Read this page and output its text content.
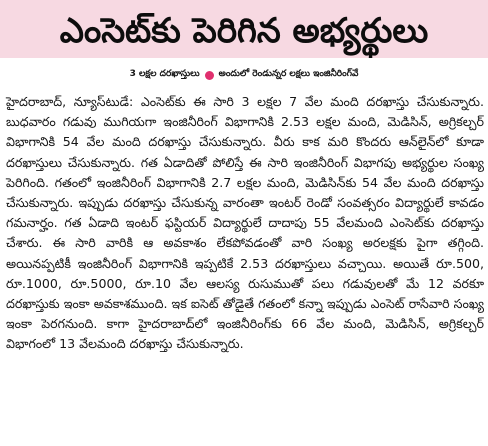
ఎంసెట్‌కు పెరిగిన అభ్యర్థులు
3 లక్షల దరఖాస్తులు అందులో రెండున్నర లక్షలు ఇంజినీరింగ్‌వే
హైదరాబాద్, న్యూస్‌టుడే: ఎంసెట్‌కు ఈ సారి 3 లక్షల 7 వేల మంది దరఖాస్తు చేసుకున్నారు. బుధవారం గడువు ముగియగా ఇంజినీరింగ్ విభాగానికి 2.53 లక్షల మంది, మెడిసిన్, అగ్రికల్చర్ విభాగానికి 54 వేల మంది దరఖాస్తు చేసుకున్నారు. వీరు కాక మరి కొందరు ఆన్‌లైన్‌లో కూడా దరఖాస్తులు చేసుకున్నారు. గత ఏడాదితో పోలిస్తే ఈ సారి ఇంజినీరింగ్ విభాగపు అభ్యర్థుల సంఖ్య పెరిగింది. గతంలో ఇంజినీరింగ్ విభాగానికి 2.7 లక్షల మంది, మెడిసిన్‌కు 54 వేల మంది దరఖాస్తు చేసుకున్నారు. ఇప్పుడు దరఖాస్తు చేసుకున్న వారంతా ఇంటర్ రెండో సంవత్సరం విద్యార్థులే కావడం గమనార్హం. గత ఏడాది ఇంటర్ ఫస్టియర్ విద్యార్థులే దాదాపు 55 వేలమంది ఎంసెట్‌కు దరఖాస్తు చేశారు. ఈ సారి వారికి ఆ అవకాశం లేకపోవడంతో వారి సంఖ్య అరలక్షకు పైగా తగ్గింది. అయినప్పటికీ ఇంజినీరింగ్ విభాగానికి ఇప్పటికే 2.53 దరఖాస్తులు వచ్చాయి. అయితే రూ.500, రూ.1000, రూ.5000, రూ.10 వేల ఆలస్య రుసుముతో పలు గడువులతో మే 12 వరకూ దరఖాస్తుకు ఇంకా అవకాశముంది. ఇక ఐసెట్ తోడైతే గతంలో కన్నా ఇప్పుడు ఎంసెట్ రాసేవారి సంఖ్య ఇంకా పెరగనుంది. కాగా హైదరాబాద్‌లో ఇంజినీరింగ్‌కు 66 వేల మంది, మెడిసిన్, అగ్రికల్చర్ విభాగంలో 13 వేలమంది దరఖాస్తు చేసుకున్నారు.
